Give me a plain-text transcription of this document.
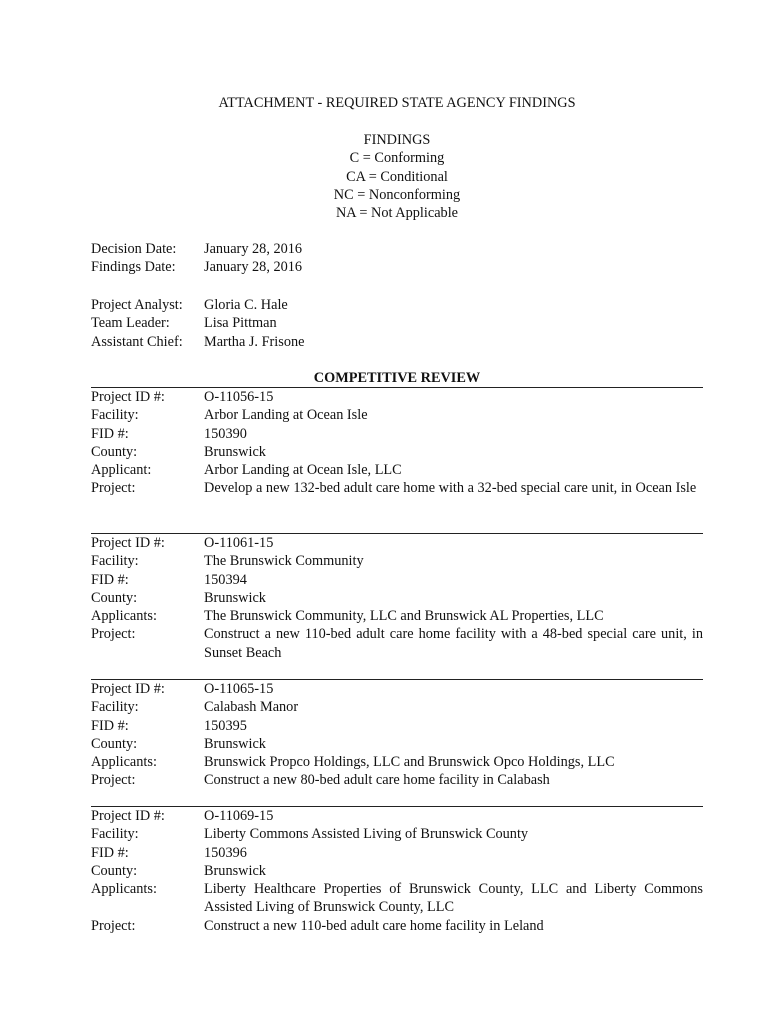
ATTACHMENT - REQUIRED STATE AGENCY FINDINGS
FINDINGS
C = Conforming
CA = Conditional
NC = Nonconforming
NA = Not Applicable
Decision Date:	January 28, 2016
Findings Date:	January 28, 2016
Project Analyst:	Gloria C. Hale
Team Leader:	Lisa Pittman
Assistant Chief:	Martha J. Frisone
COMPETITIVE REVIEW
Project ID #:	O-11056-15
Facility:	Arbor Landing at Ocean Isle
FID #:	150390
County:	Brunswick
Applicant:	Arbor Landing at Ocean Isle, LLC
Project:	Develop a new 132-bed adult care home with a 32-bed special care unit, in Ocean Isle
Project ID #:	O-11061-15
Facility:	The Brunswick Community
FID #:	150394
County:	Brunswick
Applicants:	The Brunswick Community, LLC and Brunswick AL Properties, LLC
Project:	Construct a new 110-bed adult care home facility with a 48-bed special care unit, in Sunset Beach
Project ID #:	O-11065-15
Facility:	Calabash Manor
FID #:	150395
County:	Brunswick
Applicants:	Brunswick Propco Holdings, LLC and Brunswick Opco Holdings, LLC
Project:	Construct a new 80-bed adult care home facility in Calabash
Project ID #:	O-11069-15
Facility:	Liberty Commons Assisted Living of Brunswick County
FID #:	150396
County:	Brunswick
Applicants:	Liberty Healthcare Properties of Brunswick County, LLC and Liberty Commons Assisted Living of Brunswick County, LLC
Project:	Construct a new 110-bed adult care home facility in Leland
